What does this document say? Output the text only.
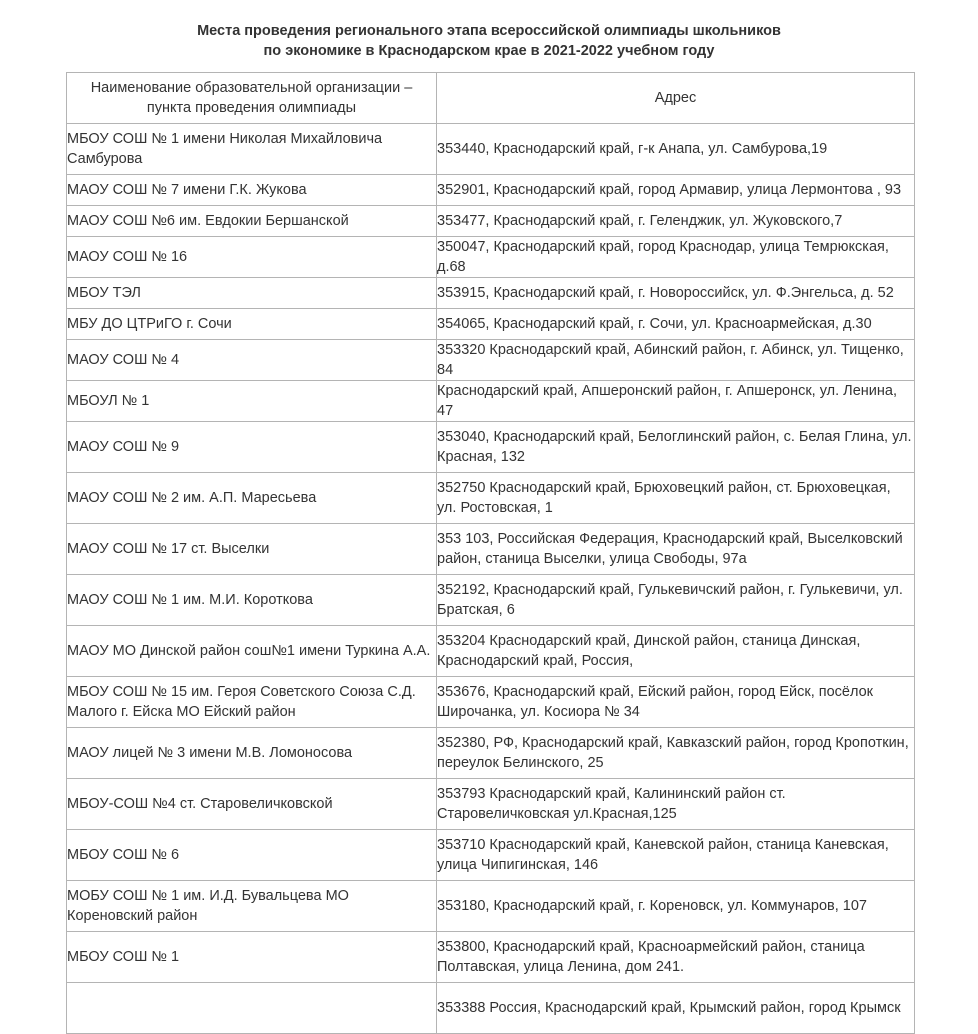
Места проведения регионального этапа всероссийской олимпиады школьников
по экономике в Краснодарском крае в 2021-2022 учебном году
Наименование образовательной организации – пункта проведения олимпиады	Адрес
МБОУ СОШ № 1 имени Николая Михайловича Самбурова	353440, Краснодарский край, г-к Анапа, ул. Самбурова,19
МАОУ СОШ № 7 имени Г.К. Жукова	352901, Краснодарский край, город Армавир, улица Лермонтова , 93
МАОУ СОШ №6 им. Евдокии Бершанской	353477, Краснодарский край, г. Геленджик, ул. Жуковского,7
МАОУ СОШ № 16	350047, Краснодарский край, город Краснодар, улица Темрюкская, д.68
МБОУ ТЭЛ	353915, Краснодарский край, г. Новороссийск, ул. Ф.Энгельса, д. 52
МБУ ДО ЦТРиГО г. Сочи	354065, Краснодарский край, г. Сочи, ул. Красноармейская, д.30
МАОУ СОШ № 4	353320 Краснодарский край, Абинский район, г. Абинск, ул. Тищенко, 84
МБОУЛ № 1	Краснодарский край, Апшеронский район, г. Апшеронск, ул. Ленина, 47
МАОУ СОШ № 9	353040, Краснодарский край, Белоглинский район, с. Белая Глина, ул. Красная, 132
МАОУ СОШ № 2 им. А.П. Маресьева	352750 Краснодарский край, Брюховецкий район, ст. Брюховецкая, ул. Ростовская, 1
МАОУ СОШ № 17 ст. Выселки	353 103, Российская Федерация, Краснодарский край, Выселковский район, станица Выселки, улица Свободы, 97а
МАОУ СОШ № 1 им. М.И. Короткова	352192, Краснодарский край, Гулькевичский район, г. Гулькевичи, ул. Братская, 6
МАОУ МО Динской район сош№1 имени Туркина А.А.	353204 Краснодарский край, Динской район, станица Динская, Краснодарский край, Россия,
МБОУ СОШ № 15 им. Героя Советского Союза С.Д. Малого г. Ейска МО Ейский район	353676, Краснодарский край, Ейский район, город Ейск, посёлок Широчанка, ул. Косиора № 34
МАОУ лицей № 3 имени М.В. Ломоносова	352380, РФ, Краснодарский край, Кавказский район, город Кропоткин, переулок Белинского, 25
МБОУ-СОШ №4 ст. Старовеличковской	353793 Краснодарский край, Калининский район ст. Старовеличковская ул.Красная,125
МБОУ СОШ № 6	353710 Краснодарский край, Каневской район, станица Каневская, улица Чипигинская, 146
МОБУ СОШ № 1 им. И.Д. Бувальцева МО Кореновский район	353180, Краснодарский край, г. Кореновск, ул. Коммунаров, 107
МБОУ СОШ № 1	353800, Краснодарский край, Красноармейский район, станица Полтавская, улица Ленина, дом 241.
	353388 Россия, Краснодарский край, Крымский район, город Крымск
